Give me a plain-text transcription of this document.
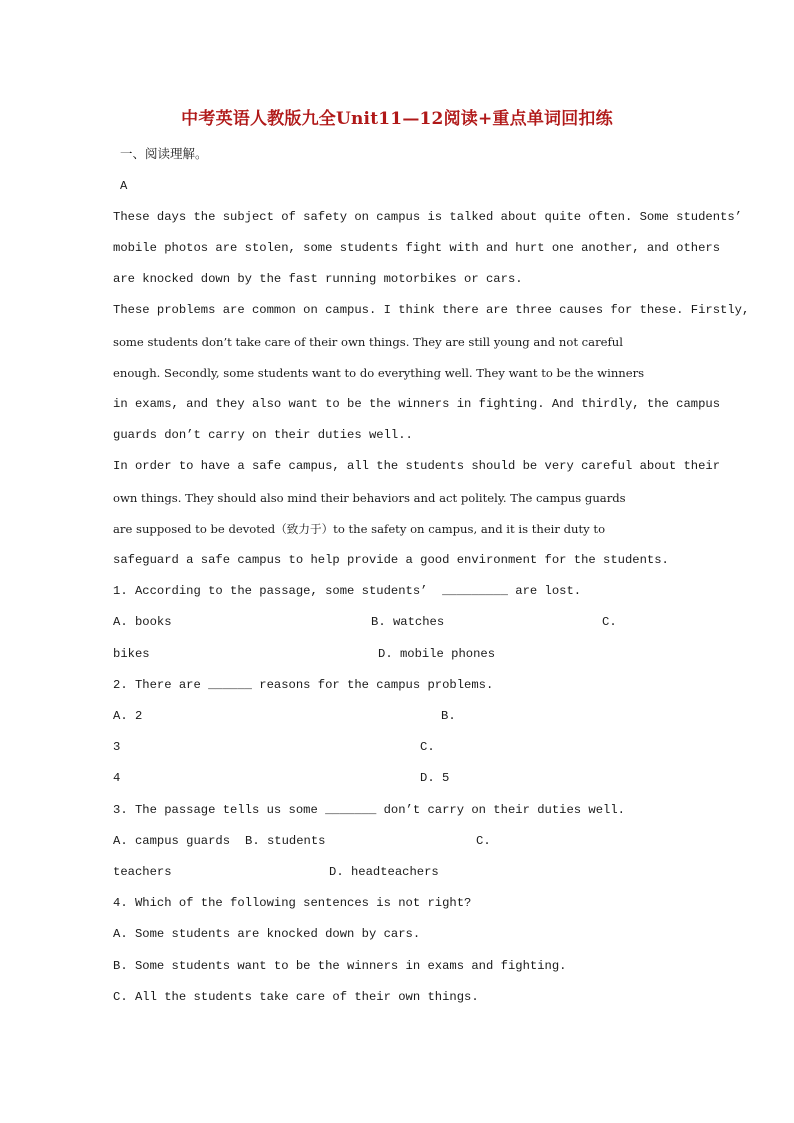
中考英语人教版九全Unit11—12阅读+重点单词回扣练
一、阅读理解。
A
These days the subject of safety on campus is talked about quite often. Some students’
mobile photos are stolen, some students fight with and hurt one another, and others
are knocked down by the fast running motorbikes or cars.
These problems are common on campus. I think there are three causes for these. Firstly,
some students don’t take care of their own things. They are still young and not careful
enough. Secondly, some students want to do everything well. They want to be the winners
in exams, and they also want to be the winners in fighting. And thirdly, the campus
guards don’t carry on their duties well..
In order to have a safe campus, all the students should be very careful about their
own things. They should also mind their behaviors and act politely. The campus guards
are supposed to be devoted（致力于）to the safety on campus, and it is their duty to
safeguard a safe campus to help provide a good environment for the students.
1. According to the passage, some students’  _________ are lost.
A. books	B. watches	C.
bikes	D. mobile phones
2. There are ______ reasons for the campus problems.
A. 2	B.
3	C.
4	D. 5
3. The passage tells us some _______ don’t carry on their duties well.
A. campus guards B. students	C.
teachers	D. headteachers
4. Which of the following sentences is not right?
A. Some students are knocked down by cars.
B. Some students want to be the winners in exams and fighting.
C. All the students take care of their own things.
